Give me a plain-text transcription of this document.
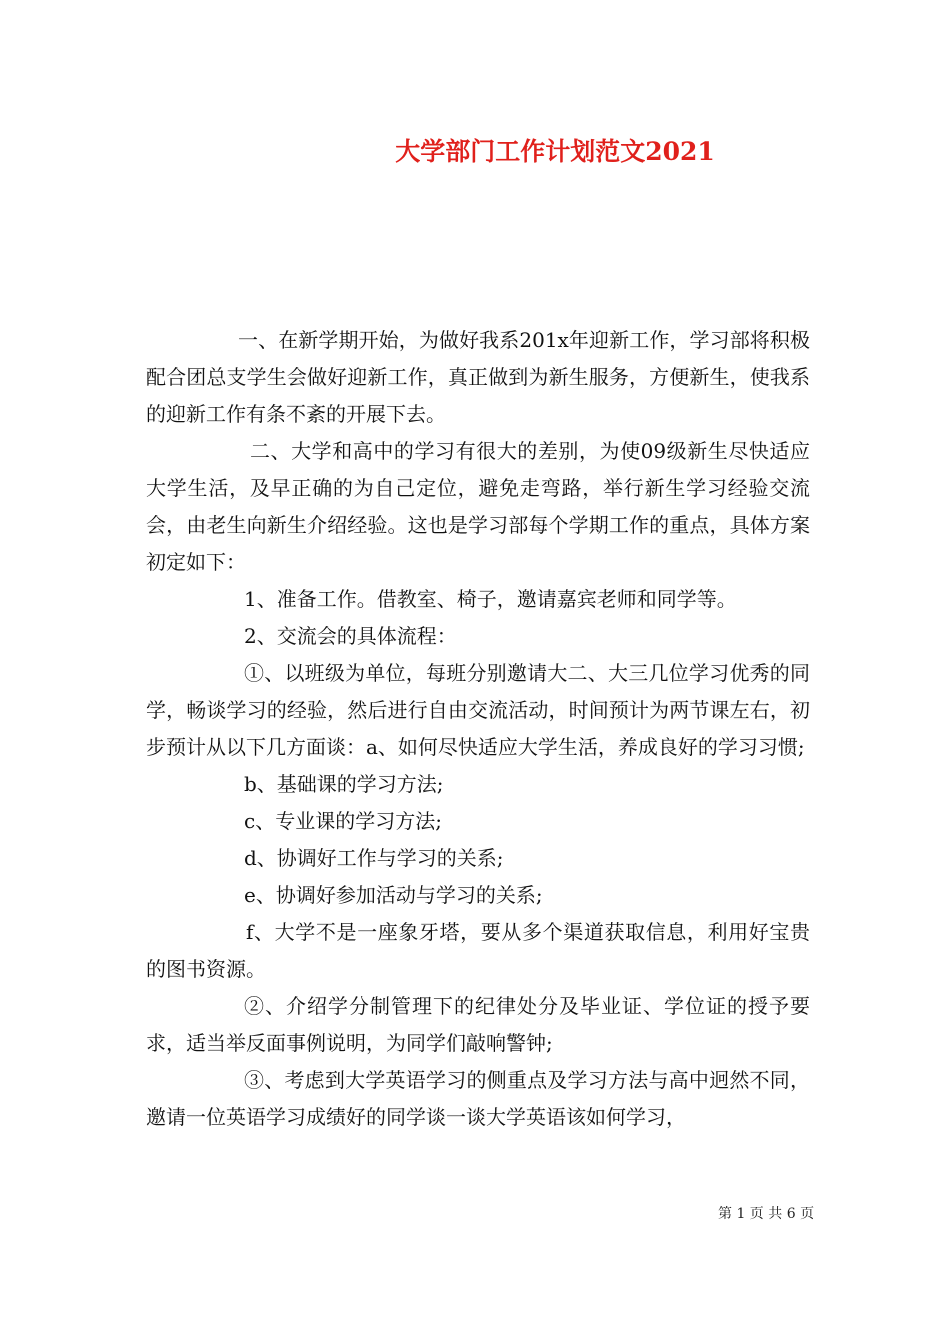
大学部门工作计划范文2021

一、在新学期开始，为做好我系201x年迎新工作，学习部将积极配合团总支学生会做好迎新工作，真正做到为新生服务，方便新生，使我系的迎新工作有条不紊的开展下去。

二、大学和高中的学习有很大的差别，为使09级新生尽快适应大学生活，及早正确的为自己定位，避免走弯路，举行新生学习经验交流会，由老生向新生介绍经验。这也是学习部每个学期工作的重点，具体方案初定如下：

1、准备工作。借教室、椅子，邀请嘉宾老师和同学等。

2、交流会的具体流程：

①、以班级为单位，每班分别邀请大二、大三几位学习优秀的同学，畅谈学习的经验，然后进行自由交流活动，时间预计为两节课左右，初步预计从以下几方面谈：a、如何尽快适应大学生活，养成良好的学习习惯;

b、基础课的学习方法;

c、专业课的学习方法;

d、协调好工作与学习的关系;

e、协调好参加活动与学习的关系;

f、大学不是一座象牙塔，要从多个渠道获取信息，利用好宝贵的图书资源。

②、介绍学分制管理下的纪律处分及毕业证、学位证的授予要求，适当举反面事例说明，为同学们敲响警钟;

③、考虑到大学英语学习的侧重点及学习方法与高中迥然不同，邀请一位英语学习成绩好的同学谈一谈大学英语该如何学习，

第 1 页 共 6 页
